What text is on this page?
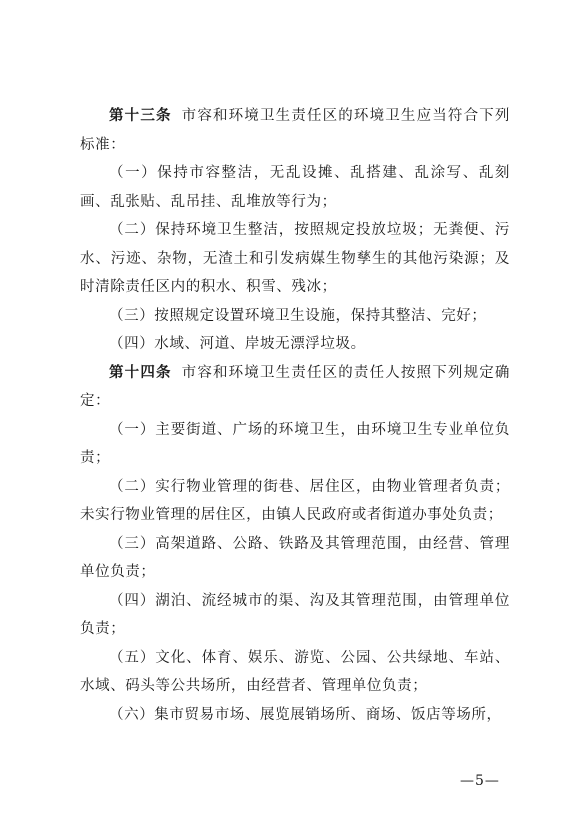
第十三条 市容和环境卫生责任区的环境卫生应当符合下列标准：

（一）保持市容整洁，无乱设摊、乱搭建、乱涂写、乱刻画、乱张贴、乱吊挂、乱堆放等行为；

（二）保持环境卫生整洁，按照规定投放垃圾；无粪便、污水、污迹、杂物，无渣土和引发病媒生物孳生的其他污染源；及时清除责任区内的积水、积雪、残冰；

（三）按照规定设置环境卫生设施，保持其整洁、完好；

（四）水域、河道、岸坡无漂浮垃圾。

第十四条 市容和环境卫生责任区的责任人按照下列规定确定：

（一）主要街道、广场的环境卫生，由环境卫生专业单位负责；

（二）实行物业管理的街巷、居住区，由物业管理者负责；未实行物业管理的居住区，由镇人民政府或者街道办事处负责；

（三）高架道路、公路、铁路及其管理范围，由经营、管理单位负责；

（四）湖泊、流经城市的渠、沟及其管理范围，由管理单位负责；

（五）文化、体育、娱乐、游览、公园、公共绿地、车站、水域、码头等公共场所，由经营者、管理单位负责；

（六）集市贸易市场、展览展销场所、商场、饭店等场所，

—5—
